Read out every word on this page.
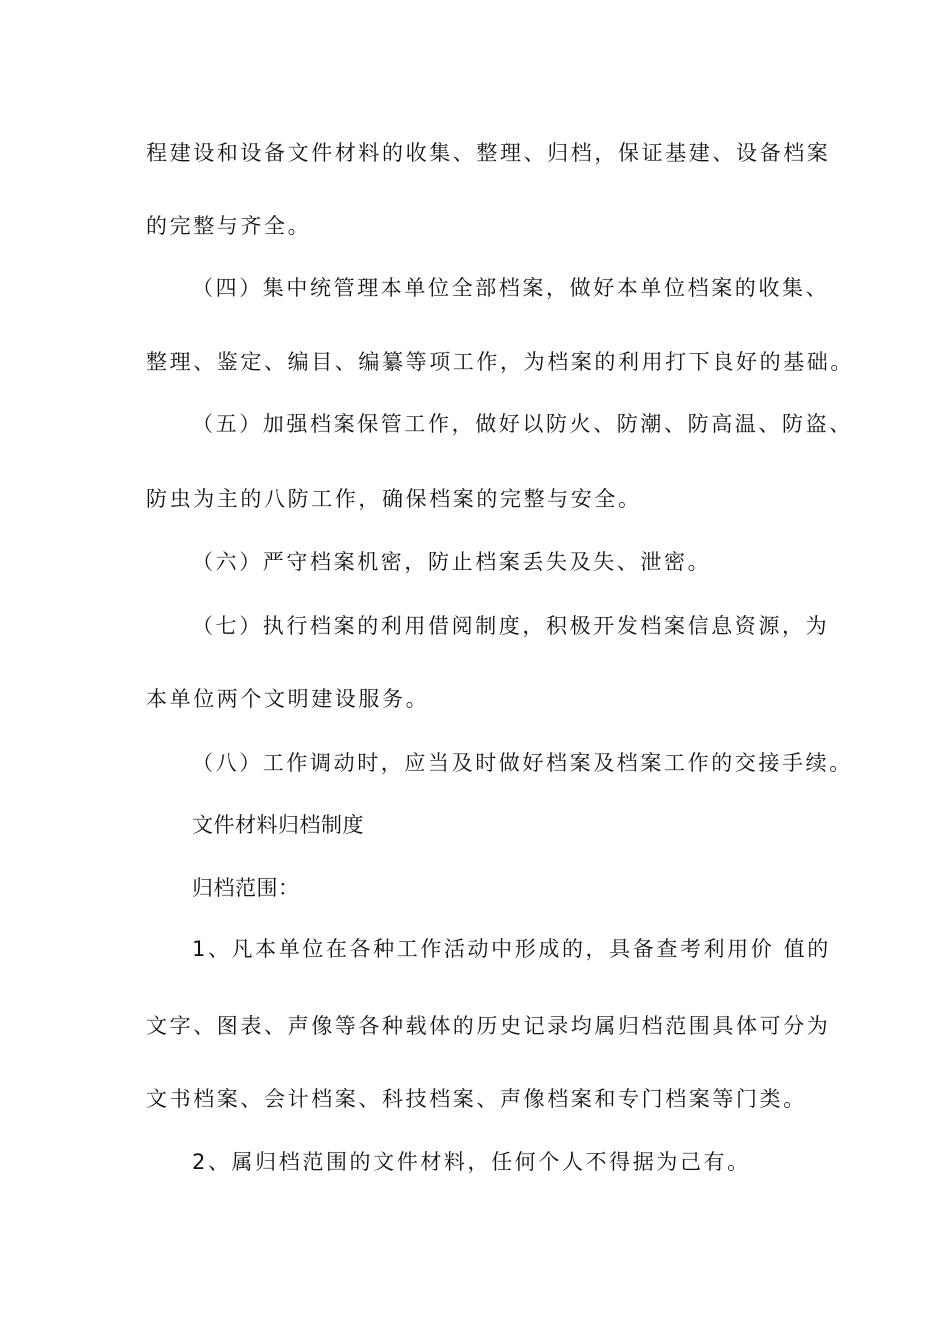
程建设和设备文件材料的收集、整理、归档，保证基建、设备档案
的完整与齐全。
（四）集中统管理本单位全部档案，做好本单位档案的收集、
整理、鉴定、编目、编纂等项工作，为档案的利用打下良好的基础。
（五）加强档案保管工作，做好以防火、防潮、防高温、防盗、
防虫为主的八防工作，确保档案的完整与安全。
（六）严守档案机密，防止档案丢失及失、泄密。
（七）执行档案的利用借阅制度，积极开发档案信息资源，为
本单位两个文明建设服务。
（八）工作调动时，应当及时做好档案及档案工作的交接手续。
文件材料归档制度
归档范围：
1、凡本单位在各种工作活动中形成的，具备查考利用价 值的
文字、图表、声像等各种载体的历史记录均属归档范围具体可分为
文书档案、会计档案、科技档案、声像档案和专门档案等门类。
2、属归档范围的文件材料，任何个人不得据为己有。
